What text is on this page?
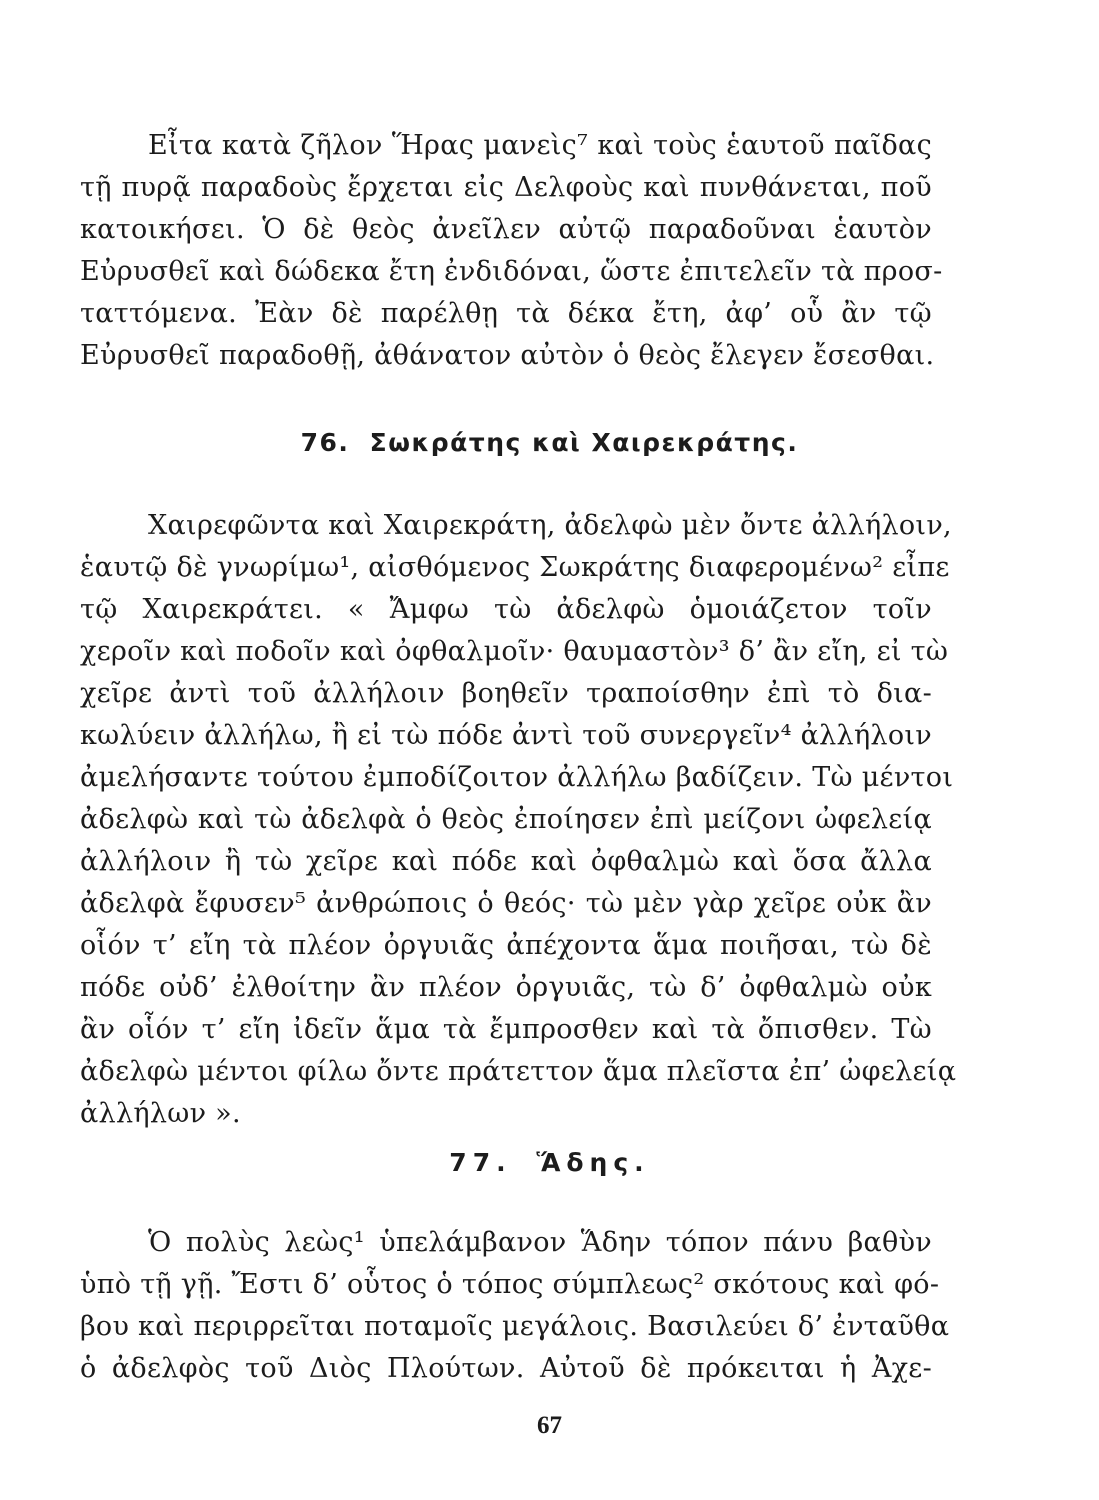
Εἶτα κατὰ ζῆλον Ἥρας μανεὶς⁷ καὶ τοὺς ἑαυτοῦ παῖδας
τῇ πυρᾷ παραδοὺς ἔρχεται εἰς Δελφοὺς καὶ πυνθάνεται, ποῦ
κατοικήσει. Ὁ δὲ θεὸς ἀνεῖλεν αὐτῷ παραδοῦναι ἑαυτὸν
Εὐρυσθεῖ καὶ δώδεκα ἔτη ἐνδιδόναι, ὥστε ἐπιτελεῖν τὰ προσ-
ταττόμενα. Ἐὰν δὲ παρέλθῃ τὰ δέκα ἔτη, ἀφ’ οὗ ἂν τῷ
Εὐρυσθεῖ παραδοθῇ, ἀθάνατον αὐτὸν ὁ θεὸς ἔλεγεν ἔσεσθαι.
76. Σωκράτης καὶ Χαιρεκράτης.
Χαιρεφῶντα καὶ Χαιρεκράτη, ἀδελφὼ μὲν ὄντε ἀλλήλοιν,
ἑαυτῷ δὲ γνωρίμω¹, αἰσθόμενος Σωκράτης διαφερομένω² εἶπε
τῷ Χαιρεκράτει. « Ἄμφω τὼ ἀδελφὼ ὁμοιάζετον τοῖν
χεροῖν καὶ ποδοῖν καὶ ὀφθαλμοῖν· θαυμαστὸν³ δ’ ἂν εἴη, εἰ τὼ
χεῖρε ἀντὶ τοῦ ἀλλήλοιν βοηθεῖν τραποίσθην ἐπὶ τὸ δια-
κωλύειν ἀλλήλω, ἢ εἰ τὼ πόδε ἀντὶ τοῦ συνεργεῖν⁴ ἀλλήλοιν
ἀμελήσαντε τούτου ἐμποδίζοιτον ἀλλήλω βαδίζειν. Τὼ μέντοι
ἀδελφὼ καὶ τὼ ἀδελφὰ ὁ θεὸς ἐποίησεν ἐπὶ μείζονι ὠφελείᾳ
ἀλλήλοιν ἢ τὼ χεῖρε καὶ πόδε καὶ ὀφθαλμὼ καὶ ὅσα ἄλλα
ἀδελφὰ ἔφυσεν⁵ ἀνθρώποις ὁ θεός· τὼ μὲν γὰρ χεῖρε οὐκ ἂν
οἷόν τ’ εἴη τὰ πλέον ὀργυιᾶς ἀπέχοντα ἅμα ποιῆσαι, τὼ δὲ
πόδε οὐδ’ ἐλθοίτην ἂν πλέον ὀργυιᾶς, τὼ δ’ ὀφθαλμὼ οὐκ
ἂν οἷόν τ’ εἴη ἰδεῖν ἅμα τὰ ἔμπροσθεν καὶ τὰ ὄπισθεν. Τὼ
ἀδελφὼ μέντοι φίλω ὄντε πράτεττον ἅμα πλεῖστα ἐπ’ ὠφελείᾳ
ἀλλήλων ».
77. Ἅδης.
Ὁ πολὺς λεὼς¹ ὑπελάμβανον Ἅδην τόπον πάνυ βαθὺν
ὑπὸ τῇ γῇ. Ἔστι δ’ οὗτος ὁ τόπος σύμπλεως² σκότους καὶ φό-
βου καὶ περιρρεῖται ποταμοῖς μεγάλοις. Βασιλεύει δ’ ἐνταῦθα
ὁ ἀδελφὸς τοῦ Διὸς Πλούτων. Αὐτοῦ δὲ πρόκειται ἡ Ἀχε-
67
